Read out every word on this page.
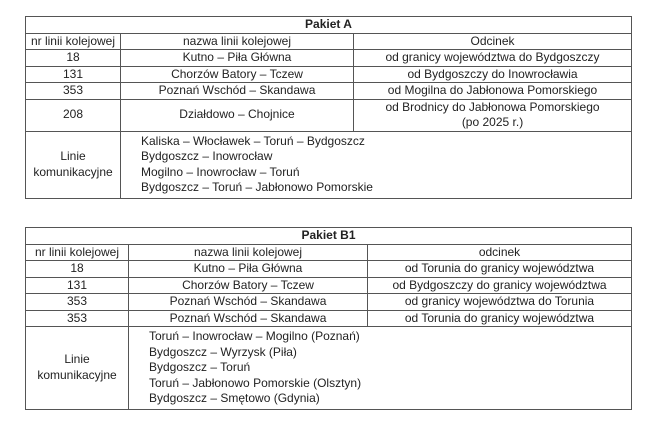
Pakiet A		
nr linii kolejowej	nazwa linii kolejowej	Odcinek
18	Kutno – Piła Główna	od granicy województwa do Bydgoszczy
131	Chorzów Batory – Tczew	od Bydgoszczy do Inowrocławia
353	Poznań Wschód – Skandawa	od Mogilna do Jabłonowa Pomorskiego
208	Działdowo – Chojnice	od Brodnicy do Jabłonowa Pomorskiego
(po 2025 r.)

Linie
komunikacyjne	Kaliska – Włocławek – Toruń – Bydgoszcz
Bydgoszcz – Inowrocław
Mogilno – Inowrocław – Toruń
Bydgoszcz – Toruń – Jabłonowo Pomorskie	
Pakiet B1		
nr linii kolejowej	nazwa linii kolejowej	odcinek
18	Kutno – Piła Główna	od Torunia do granicy województwa
131	Chorzów Batory – Tczew	od Bydgoszczy do granicy województwa
353	Poznań Wschód – Skandawa	od granicy województwa do Torunia
353	Poznań Wschód – Skandawa	od Torunia do granicy województwa

Linie
komunikacyjne	Toruń – Inowrocław – Mogilno (Poznań)
Bydgoszcz – Wyrzysk (Piła)
Bydgoszcz – Toruń
Toruń – Jabłonowo Pomorskie (Olsztyn)
Bydgoszcz – Smętowo (Gdynia)	
